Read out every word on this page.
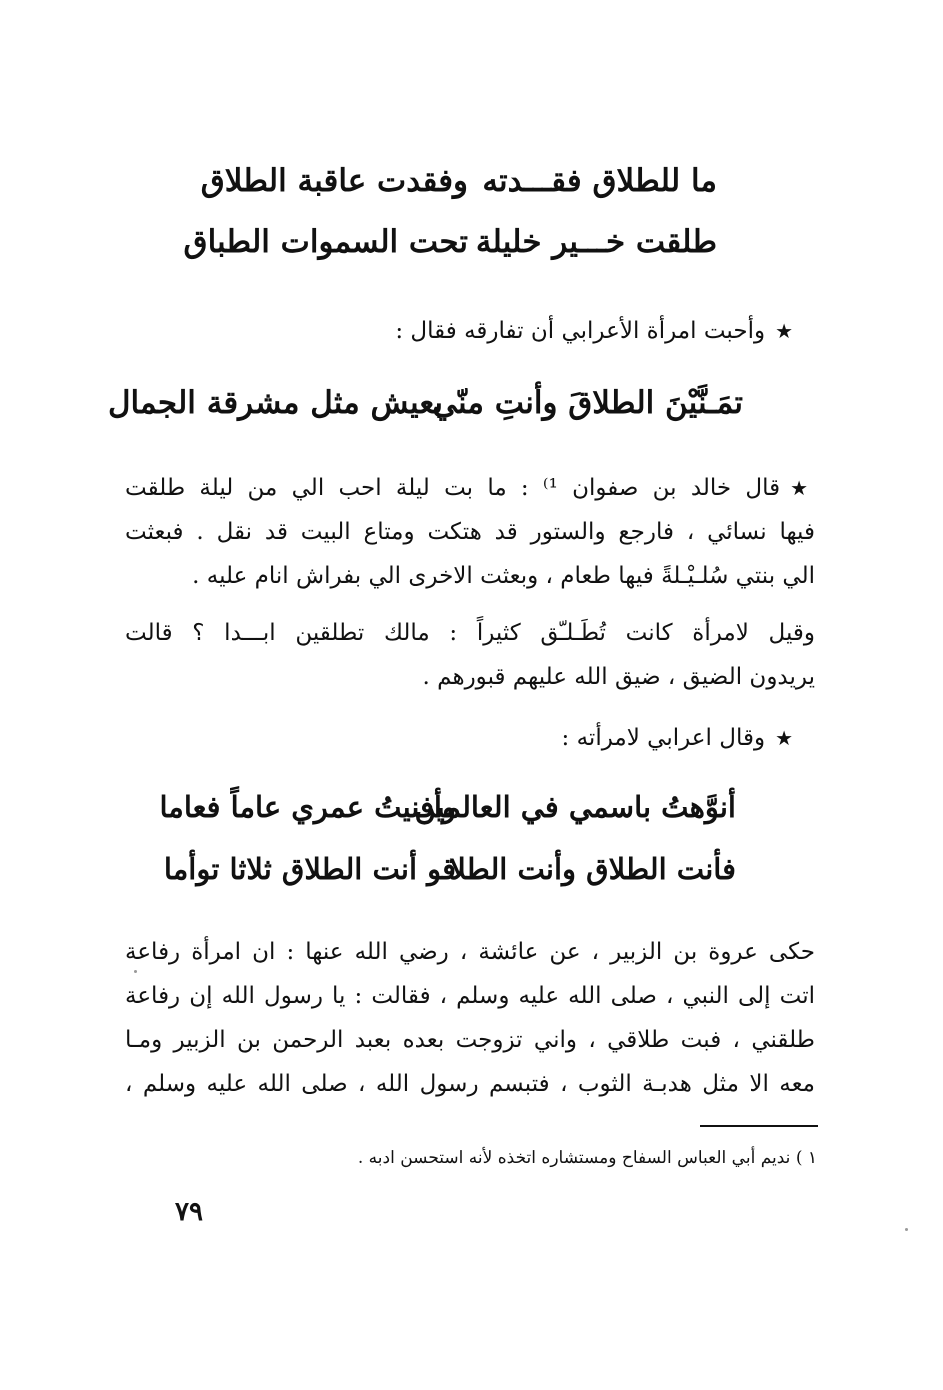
ما للطلاق فقـــدته
وفقدت عاقبة الطلاق
طلقت خـــير خليلة
تحت السموات الطباق
★وأحبت امرأة الأعرابي أن تفارقه فقال :
تمَـنَّيْنَ الطلاقَ وأنتِ منّي
بعيش مثل مشرقة الجمال
★قال خالد بن صفوان ¹⁾ : ما بت ليلة احب الي من ليلة طلقت
فيها نسائي ، فارجع والستور قد هتكت ومتاع البيت قد نقل . فبعثت
الي بنتي سُلـيْـلةً فيها طعام ، وبعثت الاخرى الي بفراش انام عليه .
وقيل لامرأة كانت تُطَـلـّق كثيراً : مالك تطلقين ابـــدا ؟ قالت
يريدون الضيق ، ضيق الله عليهم قبورهم .
★وقال اعرابي لامرأته :
أنوَّهتُ باسمي في العالمين
وأفنيتُ عمري عاماً فعاما
فأنت الطلاق وأنت الطلا
قو أنت الطلاق ثلاثا توأما
حكى عروة بن الزبير ، عن عائشة ، رضي الله عنها : ان امرأة رفاعة
اتت إلى النبي ، صلى الله عليه وسلم ، فقالت : يا رسول الله إن رفاعة
طلقني ، فبت طلاقي ، واني تزوجت بعده بعبد الرحمن بن الزبير ومـا
معه الا مثل هدبـة الثوب ، فتبسم رسول الله ، صلى الله عليه وسلم ،
١ ) نديم أبي العباس السفاح ومستشاره اتخذه لأنه استحسن ادبه .
٧٩
